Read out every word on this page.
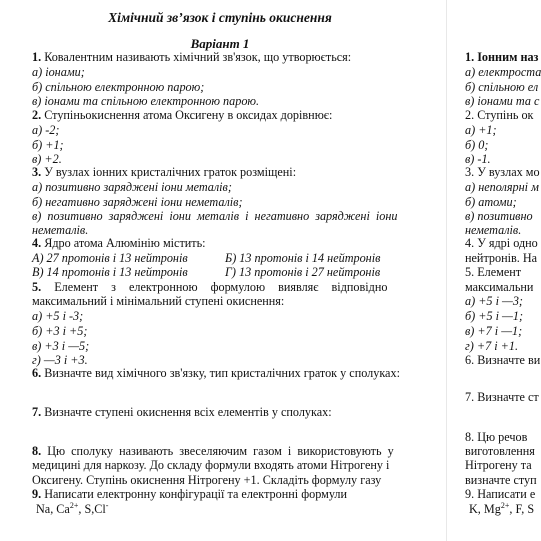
Хімічний зв’язок і ступінь окиснення
Варіант 1
1. Ковалентним називають хімічний зв'язок, що утворюється:
а) іонами;
б) спільною електронною парою;
в) іонами та спільною електронною парою.
2. Ступіньокиснення атома Оксигену в оксидах дорівнює:
а) -2;
б) +1;
в) +2.
3. У вузлах іонних кристалічних граток розміщені:
а) позитивно заряджені іони металів;
б) негативно заряджені іони неметалів;
в) позитивно заряджені іони металів і негативно заряджені іони
неметалів.
4. Ядро атома Алюмінію містить:
А) 27 протонів і 13 нейтронів	Б) 13 протонів і 14 нейтронів
В) 14 протонів і 13 нейтронів	Г) 13 протонів і 27 нейтронів
5. Елемент з електронною формулою виявляє відповідно
максимальний і мінімальний ступені окиснення:
а) +5 і -3;
б) +3 і +5;
в) +3 і —5;
г) —3 і +3.
6. Визначте вид хімічного зв'язку, тип кристалічних граток у сполуках:
7. Визначте ступені окиснення всіх елементів у сполуках:
8. Цю сполуку називають звеселяючим газом і використовують у
медицині для наркозу. До складу формули входять атоми Нітрогену і
Оксигену. Ступінь окиснення Нітрогену +1. Складіть формулу газу
9. Написати електронну конфігурації та електронні формули
Na, $Ca^{2+}$, S,Cl-
1. Іонним наз
а) електроста
б) спільною ел
в) іонами та с
2. Ступінь ок
а) +1;
б) 0;
в) -1.
3. У вузлах мо
а) неполярні м
б) атоми;
в) позитивно
неметалів.
4. У ядрі одно
нейтронів. На
5. Елемент
максимальни
а) +5 і —3;
б) +5 і —1;
в) +7 і —1;
г) +7 і +1.
6. Визначте ви
7. Визначте ст
8. Цю речов
виготовлення
Нітрогену та
визначте ступ
9. Написати е
K, $Mg^{2+}$, F, S
